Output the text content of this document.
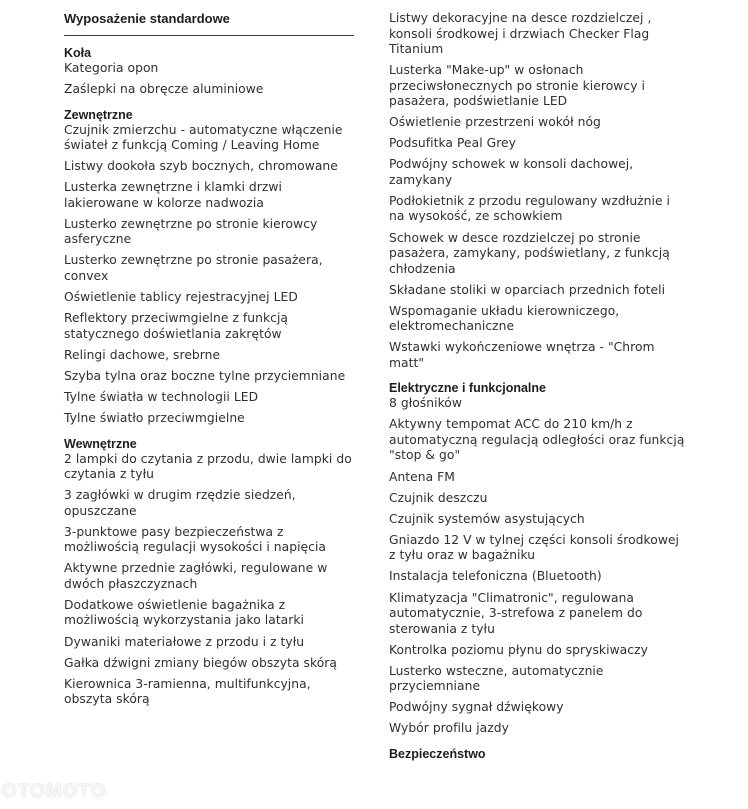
Wyposażenie standardowe
Koła
Kategoria opon
Zaślepki na obręcze aluminiowe
Zewnętrzne
Czujnik zmierzchu - automatyczne włączenie świateł z funkcją Coming / Leaving Home
Listwy dookoła szyb bocznych, chromowane
Lusterka zewnętrzne i klamki drzwi lakierowane w kolorze nadwozia
Lusterko zewnętrzne po stronie kierowcy asferyczne
Lusterko zewnętrzne po stronie pasażera, convex
Oświetlenie tablicy rejestracyjnej LED
Reflektory przeciwmgielne z funkcją statycznego doświetlania zakrętów
Relingi dachowe, srebrne
Szyba tylna oraz boczne tylne przyciemniane
Tylne światła w technologii LED
Tylne światło przeciwmgielne
Wewnętrzne
2 lampki do czytania z przodu, dwie lampki do czytania z tyłu
3 zagłówki w drugim rzędzie siedzeń, opuszczane
3-punktowe pasy bezpieczeństwa z możliwością regulacji wysokości i napięcia
Aktywne przednie zagłówki, regulowane w dwóch płaszczyznach
Dodatkowe oświetlenie bagażnika z możliwością wykorzystania jako latarki
Dywaniki materiałowe z przodu i z tyłu
Gałka dźwigni zmiany biegów obszyta skórą
Kierownica 3-ramienna, multifunkcyjna, obszyta skórą
Listwy dekoracyjne na desce rozdzielczej , konsoli środkowej i drzwiach Checker Flag Titanium
Lusterka "Make-up" w osłonach przeciwsłonecznych po stronie kierowcy i pasażera, podświetlanie LED
Oświetlenie przestrzeni wokół nóg
Podsufitka Peal Grey
Podwójny schowek w konsoli dachowej, zamykany
Podłokietnik z przodu regulowany wzdłużnie i na wysokość, ze schowkiem
Schowek w desce rozdzielczej po stronie pasażera, zamykany, podświetlany, z funkcją chłodzenia
Składane stoliki w oparciach przednich foteli
Wspomaganie układu kierowniczego, elektromechaniczne
Wstawki wykończeniowe wnętrza - "Chrom matt"
Elektryczne i funkcjonalne
8 głośników
Aktywny tempomat ACC do 210 km/h z automatyczną regulacją odległości oraz funkcją "stop & go"
Antena FM
Czujnik deszczu
Czujnik systemów asystujących
Gniazdo 12 V w tylnej części konsoli środkowej z tyłu oraz w bagażniku
Instalacja telefoniczna (Bluetooth)
Klimatyzacja "Climatronic", regulowana automatycznie, 3-strefowa z panelem do sterowania z tyłu
Kontrolka poziomu płynu do spryskiwaczy
Lusterko wsteczne, automatycznie przyciemniane
Podwójny sygnał dźwiękowy
Wybór profilu jazdy
Bezpieczeństwo
OTOMOTO
